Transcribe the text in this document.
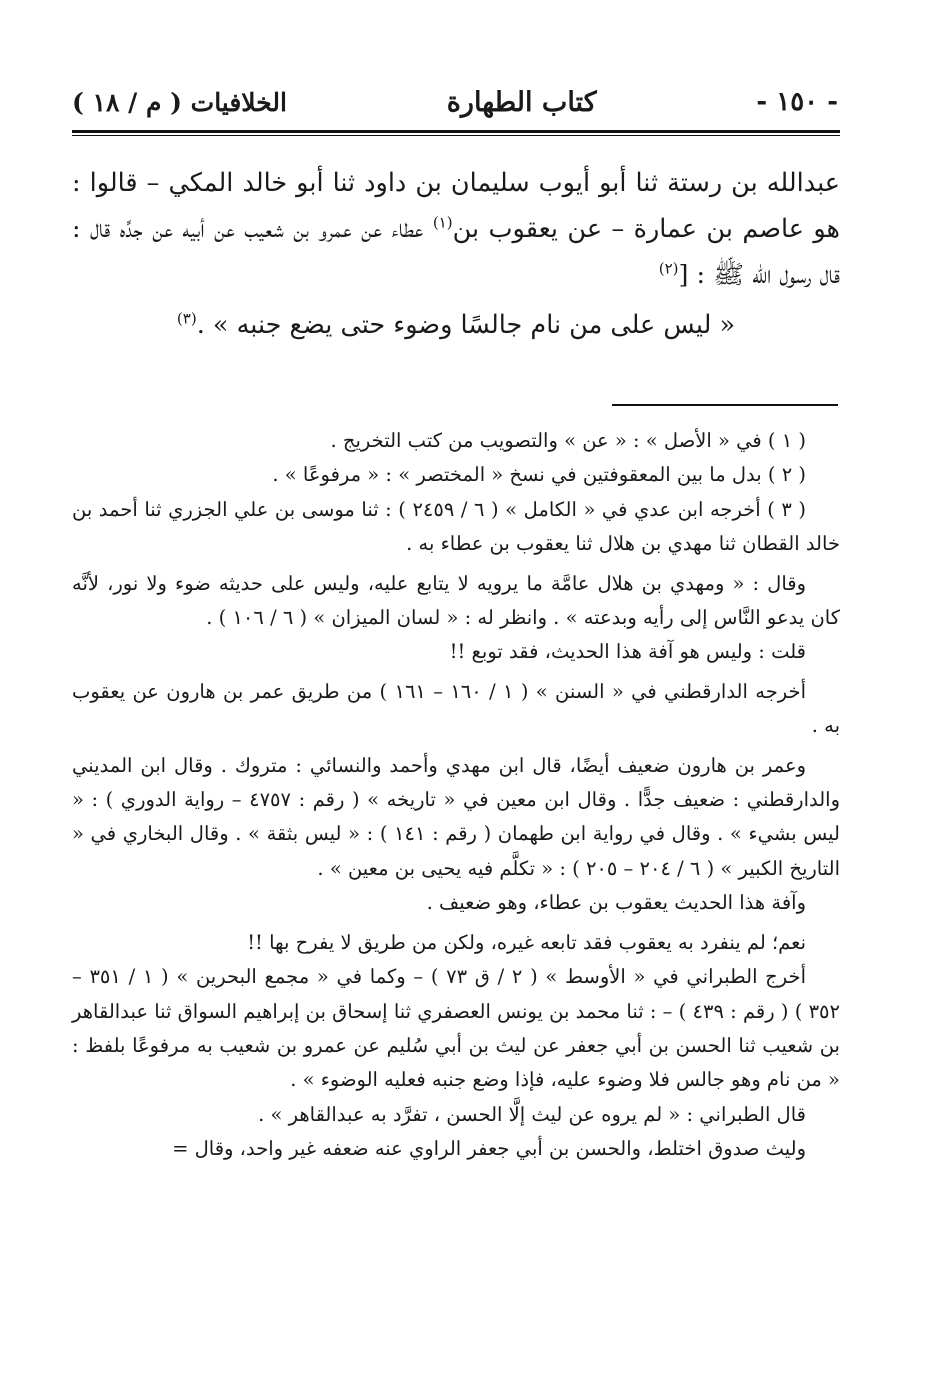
- ١٥٠ -
كتاب الطهارة
الخلافيات ( م / ١٨ )

عبدالله بن رستة ثنا أبو أيوب سليمان بن داود ثنا أبو خالد المكي – قالوا : هو عاصم بن عمارة – عن يعقوب بن$^{(١)}$ عطاء عن عمرو بن شعيب عن أبيه عن جدِّه قال : قال رسول الله ﷺ : [$^{(٢)}$

« ليس على من نام جالسًا وضوء حتى يضع جنبه » .$^{(٣)}$

( ١ ) في « الأصل » : « عن » والتصويب من كتب التخريج .

( ٢ ) بدل ما بين المعقوفتين في نسخ « المختصر » : « مرفوعًا » .

( ٣ ) أخرجه ابن عدي في « الكامل » ( ٦ / ٢٤٥٩ ) : ثنا موسى بن علي الجزري ثنا أحمد بن خالد القطان ثنا مهدي بن هلال ثنا يعقوب بن عطاء به .

وقال : « ومهدي بن هلال عامَّة ما يرويه لا يتابع عليه، وليس على حديثه ضوء ولا نور، لأنَّه كان يدعو النَّاس إلى رأيه وبدعته » . وانظر له : « لسان الميزان » ( ٦ / ١٠٦ ) .

قلت : وليس هو آفة هذا الحديث، فقد توبع !!

أخرجه الدارقطني في « السنن » ( ١ / ١٦٠ – ١٦١ ) من طريق عمر بن هارون عن يعقوب به .

وعمر بن هارون ضعيف أيضًا، قال ابن مهدي وأحمد والنسائي : متروك . وقال ابن المديني والدارقطني : ضعيف جدًّا . وقال ابن معين في « تاريخه » ( رقم : ٤٧٥٧ – رواية الدوري ) : « ليس بشيء » . وقال في رواية ابن طهمان ( رقم : ١٤١ ) : « ليس بثقة » . وقال البخاري في « التاريخ الكبير » ( ٦ / ٢٠٤ – ٢٠٥ ) : « تكلَّم فيه يحيى بن معين » .

وآفة هذا الحديث يعقوب بن عطاء، وهو ضعيف .

نعم؛ لم ينفرد به يعقوب فقد تابعه غيره، ولكن من طريق لا يفرح بها !!

أخرج الطبراني في « الأوسط » ( ٢ / ق ٧٣ ) – وكما في « مجمع البحرين » ( ١ / ٣٥١ – ٣٥٢ ) ( رقم : ٤٣٩ ) – : ثنا محمد بن يونس العصفري ثنا إسحاق بن إبراهيم السواق ثنا عبدالقاهر بن شعيب ثنا الحسن بن أبي جعفر عن ليث بن أبي سُليم عن عمرو بن شعيب به مرفوعًا بلفظ : « من نام وهو جالس فلا وضوء عليه، فإذا وضع جنبه فعليه الوضوء » .

قال الطبراني : « لم يروه عن ليث إلَّا الحسن ، تفرَّد به عبدالقاهر » .

وليث صدوق اختلط، والحسن بن أبي جعفر الراوي عنه ضعفه غير واحد، وقال =
